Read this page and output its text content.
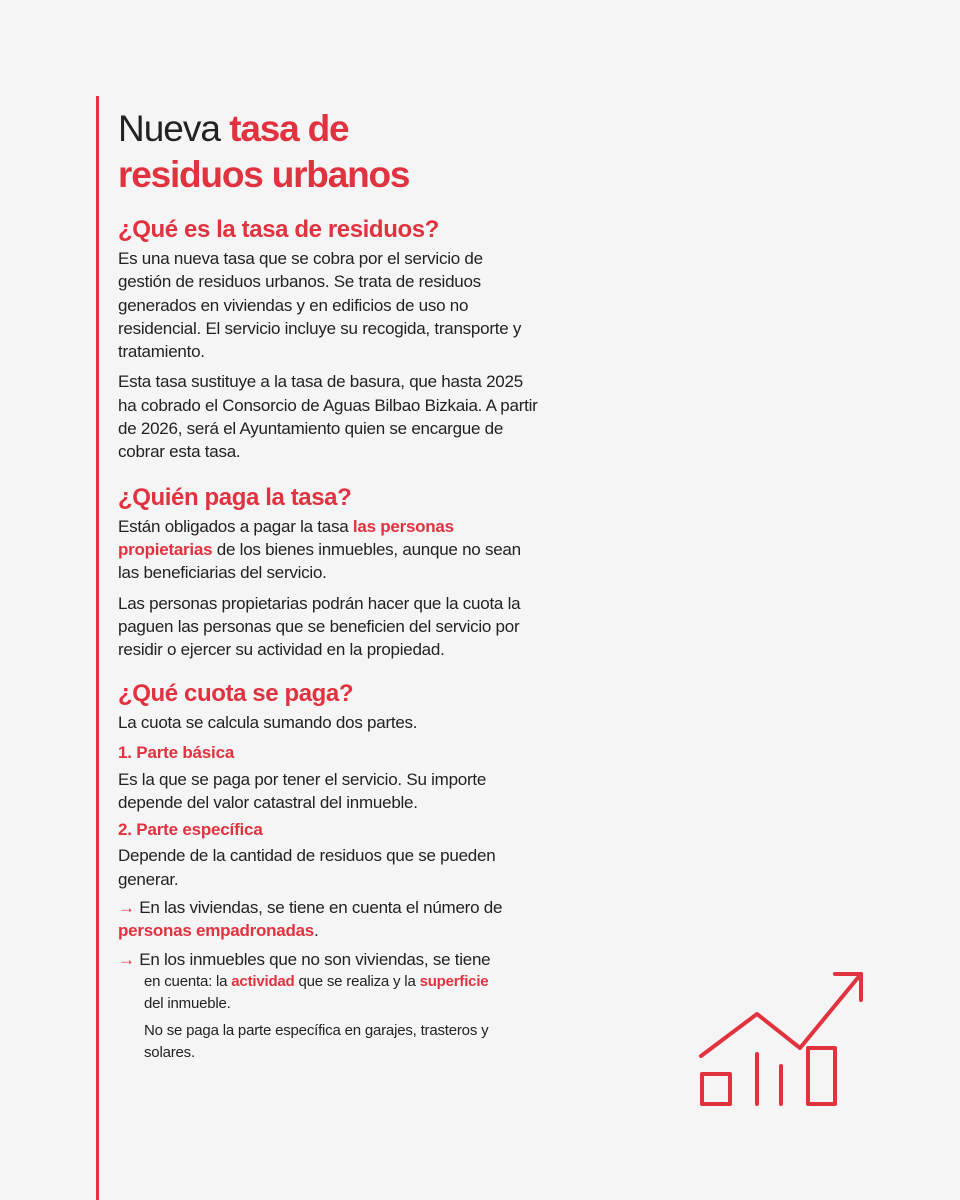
Nueva tasa de
residuos urbanos
¿Qué es la tasa de residuos?

Es una nueva tasa que se cobra por el servicio de gestión de residuos urbanos. Se trata de residuos generados en viviendas y en edificios de uso no residencial. El servicio incluye su recogida, transporte y tratamiento.

Esta tasa sustituye a la tasa de basura, que hasta 2025 ha cobrado el Consorcio de Aguas Bilbao Bizkaia. A partir de 2026, será el Ayuntamiento quien se encargue de cobrar esta tasa.

¿Quién paga la tasa?

Están obligados a pagar la tasa las personas propietarias de los bienes inmuebles, aunque no sean las beneficiarias del servicio.

Las personas propietarias podrán hacer que la cuota la paguen las personas que se beneficien del servicio por residir o ejercer su actividad en la propiedad.

¿Qué cuota se paga?

La cuota se calcula sumando dos partes.

1. Parte básica

Es la que se paga por tener el servicio. Su importe depende del valor catastral del inmueble.

2. Parte específica

Depende de la cantidad de residuos que se pueden generar.

→ En las viviendas, se tiene en cuenta el número de personas empadronadas.

→ En los inmuebles que no son viviendas, se tiene

en cuenta: la actividad que se realiza y la superficie
del inmueble.

No se paga la parte específica en garajes, trasteros y solares.
